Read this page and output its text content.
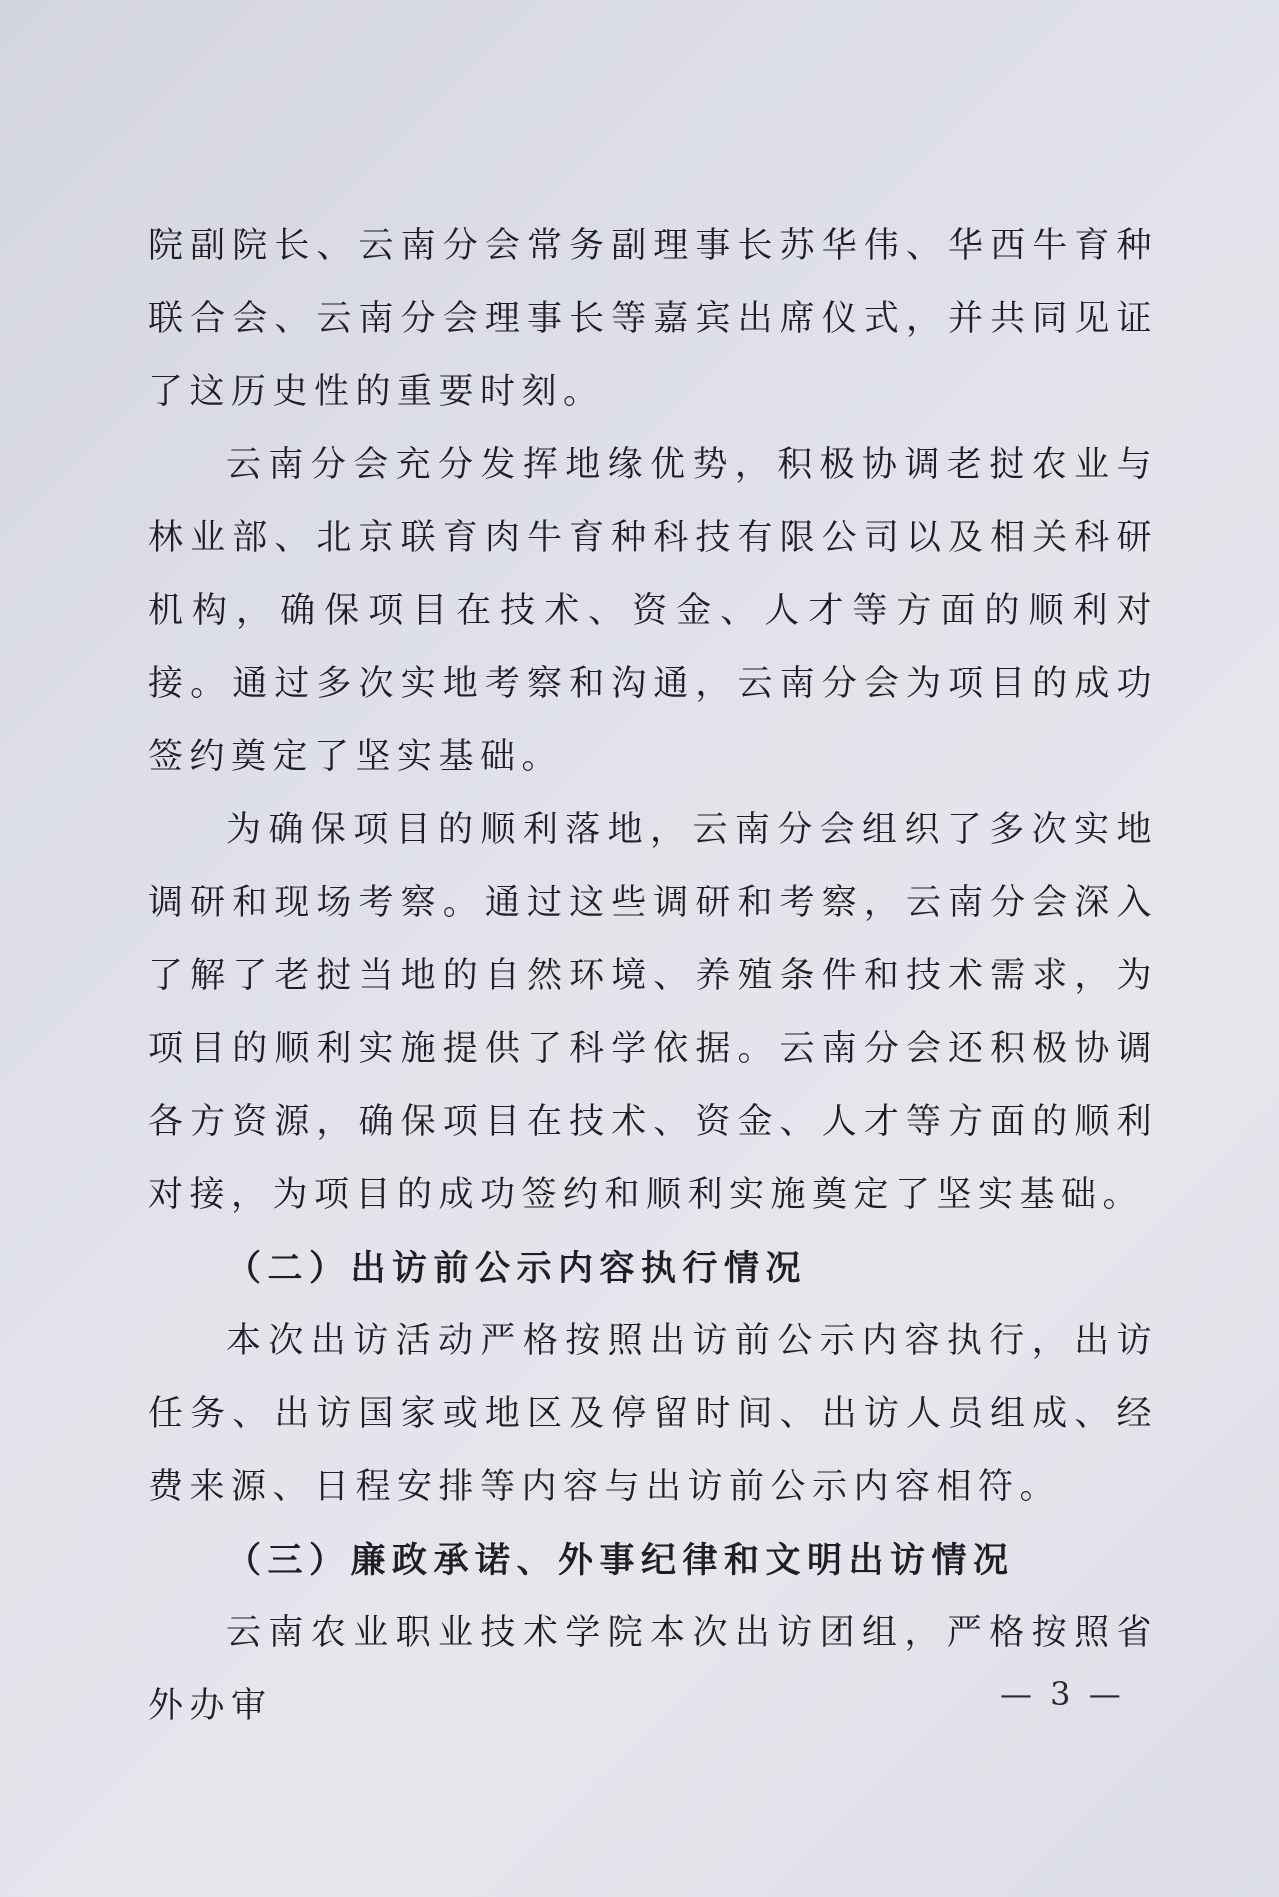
院副院长、云南分会常务副理事长苏华伟、华西牛育种联合会、云南分会理事长等嘉宾出席仪式，并共同见证了这历史性的重要时刻。

云南分会充分发挥地缘优势，积极协调老挝农业与林业部、北京联育肉牛育种科技有限公司以及相关科研机构，确保项目在技术、资金、人才等方面的顺利对接。通过多次实地考察和沟通，云南分会为项目的成功签约奠定了坚实基础。

为确保项目的顺利落地，云南分会组织了多次实地调研和现场考察。通过这些调研和考察，云南分会深入了解了老挝当地的自然环境、养殖条件和技术需求，为项目的顺利实施提供了科学依据。云南分会还积极协调各方资源，确保项目在技术、资金、人才等方面的顺利对接，为项目的成功签约和顺利实施奠定了坚实基础。

（二）出访前公示内容执行情况

本次出访活动严格按照出访前公示内容执行，出访任务、出访国家或地区及停留时间、出访人员组成、经费来源、日程安排等内容与出访前公示内容相符。

（三）廉政承诺、外事纪律和文明出访情况

云南农业职业技术学院本次出访团组，严格按照省外办审	— 3 —
